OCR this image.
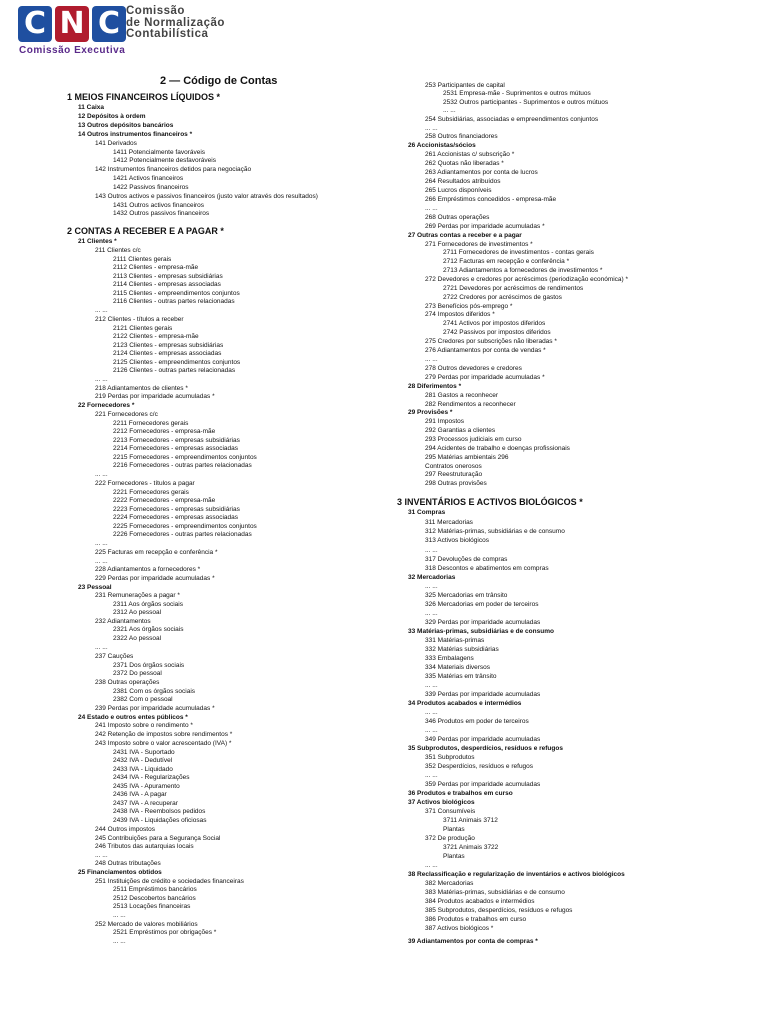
C N C Comissão
de Normalização
Contabilística
Comissão Executiva
2 — Código de Contas
1 MEIOS FINANCEIROS LÍQUIDOS *
11 Caixa
12 Depósitos à ordem
13 Outros depósitos bancários
14 Outros instrumentos financeiros *
141 Derivados
1411 Potencialmente favoráveis
1412 Potencialmente desfavoráveis
142 Instrumentos financeiros detidos para negociação
1421 Activos financeiros
1422 Passivos financeiros
143 Outros activos e passivos financeiros (justo valor através dos resultados)
1431 Outros activos financeiros
1432 Outros passivos financeiros
2 CONTAS A RECEBER E A PAGAR *
21 Clientes *
211 Clientes c/c
2111 Clientes gerais
2112 Clientes - empresa-mãe
2113 Clientes - empresas subsidiárias
2114 Clientes - empresas associadas
2115 Clientes - empreendimentos conjuntos
2116 Clientes - outras partes relacionadas
... ...
212 Clientes - títulos a receber
2121 Clientes gerais
2122 Clientes - empresa-mãe
2123 Clientes - empresas subsidiárias
2124 Clientes - empresas associadas
2125 Clientes - empreendimentos conjuntos
2126 Clientes - outras partes relacionadas
... ...
218 Adiantamentos de clientes *
219 Perdas por imparidade acumuladas *
22 Fornecedores *
221 Fornecedores c/c
2211 Fornecedores gerais
2212 Fornecedores - empresa-mãe
2213 Fornecedores - empresas subsidiárias
2214 Fornecedores - empresas associadas
2215 Fornecedores - empreendimentos conjuntos
2216 Fornecedores - outras partes relacionadas
... ...
222 Fornecedores - títulos a pagar
2221 Fornecedores gerais
2222 Fornecedores - empresa-mãe
2223 Fornecedores - empresas subsidiárias
2224 Fornecedores - empresas associadas
2225 Fornecedores - empreendimentos conjuntos
2226 Fornecedores - outras partes relacionadas
... ...
225 Facturas em recepção e conferência *
... ...
228 Adiantamentos a fornecedores *
229 Perdas por imparidade acumuladas *
23 Pessoal
231 Remunerações a pagar *
2311 Aos órgãos sociais
2312 Ao pessoal
232 Adiantamentos
2321 Aos órgãos sociais
2322 Ao pessoal
... ...
237 Cauções
2371 Dos órgãos sociais
2372 Do pessoal
238 Outras operações
2381 Com os órgãos sociais
2382 Com o pessoal
239 Perdas por imparidade acumuladas *
24 Estado e outros entes públicos *
241 Imposto sobre o rendimento *
242 Retenção de impostos sobre rendimentos *
243 Imposto sobre o valor acrescentado (IVA) *
2431 IVA - Suportado
2432 IVA - Dedutível
2433 IVA - Liquidado
2434 IVA - Regularizações
2435 IVA - Apuramento
2436 IVA - A pagar
2437 IVA - A recuperar
2438 IVA - Reembolsos pedidos
2439 IVA - Liquidações oficiosas
244 Outros impostos
245 Contribuições para a Segurança Social
246 Tributos das autarquias locais
... ...
248 Outras tributações
25 Financiamentos obtidos
251 Instituições de crédito e sociedades financeiras
2511 Empréstimos bancários
2512 Descobertos bancários
2513 Locações financeiras
... ...
252 Mercado de valores mobiliários
2521 Empréstimos por obrigações *
... ...
253 Participantes de capital
2531 Empresa-mãe - Suprimentos e outros mútuos
2532 Outros participantes - Suprimentos e outros mútuos
... ...
254 Subsidiárias, associadas e empreendimentos conjuntos
... ...
258 Outros financiadores
26 Accionistas/sócios
261 Accionistas c/ subscrição *
262 Quotas não liberadas *
263 Adiantamentos por conta de lucros
264 Resultados atribuídos
265 Lucros disponíveis
266 Empréstimos concedidos - empresa-mãe
... ...
268 Outras operações
269 Perdas por imparidade acumuladas *
27 Outras contas a receber e a pagar
271 Fornecedores de investimentos *
2711 Fornecedores de investimentos - contas gerais
2712 Facturas em recepção e conferência *
2713 Adiantamentos a fornecedores de investimentos *
272 Devedores e credores por acréscimos (periodização económica) *
2721 Devedores por acréscimos de rendimentos
2722 Credores por acréscimos de gastos
273 Benefícios pós-emprego *
274 Impostos diferidos *
2741 Activos por impostos diferidos
2742 Passivos por impostos diferidos
275 Credores por subscrições não liberadas *
276 Adiantamentos por conta de vendas *
... ...
278 Outros devedores e credores
279 Perdas por imparidade acumuladas *
28 Diferimentos *
281 Gastos a reconhecer
282 Rendimentos a reconhecer
29 Provisões *
291 Impostos
292 Garantias a clientes
293 Processos judiciais em curso
294 Acidentes de trabalho e doenças profissionais
295 Matérias ambientais 296
Contratos onerosos
297 Reestruturação
298 Outras provisões
3 INVENTÁRIOS E ACTIVOS BIOLÓGICOS *
31 Compras
311 Mercadorias
312 Matérias-primas, subsidiárias e de consumo
313 Activos biológicos
... ...
317 Devoluções de compras
318 Descontos e abatimentos em compras
32 Mercadorias
... ...
325 Mercadorias em trânsito
326 Mercadorias em poder de terceiros
... ...
329 Perdas por imparidade acumuladas
33 Matérias-primas, subsidiárias e de consumo
331 Matérias-primas
332 Matérias subsidiárias
333 Embalagens
334 Materiais diversos
335 Matérias em trânsito
... ...
339 Perdas por imparidade acumuladas
34 Produtos acabados e intermédios
... ...
346 Produtos em poder de terceiros
... ...
349 Perdas por imparidade acumuladas
35 Subprodutos, desperdícios, resíduos e refugos
351 Subprodutos
352 Desperdícios, resíduos e refugos
... ...
359 Perdas por imparidade acumuladas
36 Produtos e trabalhos em curso
37 Activos biológicos
371 Consumíveis
3711 Animais 3712
Plantas
372 De produção
3721 Animais 3722
Plantas
... ...
38 Reclassificação e regularização de inventários e activos biológicos
382 Mercadorias
383 Matérias-primas, subsidiárias e de consumo
384 Produtos acabados e intermédios
385 Subprodutos, desperdícios, resíduos e refugos
386 Produtos e trabalhos em curso
387 Activos biológicos *
39 Adiantamentos por conta de compras *
